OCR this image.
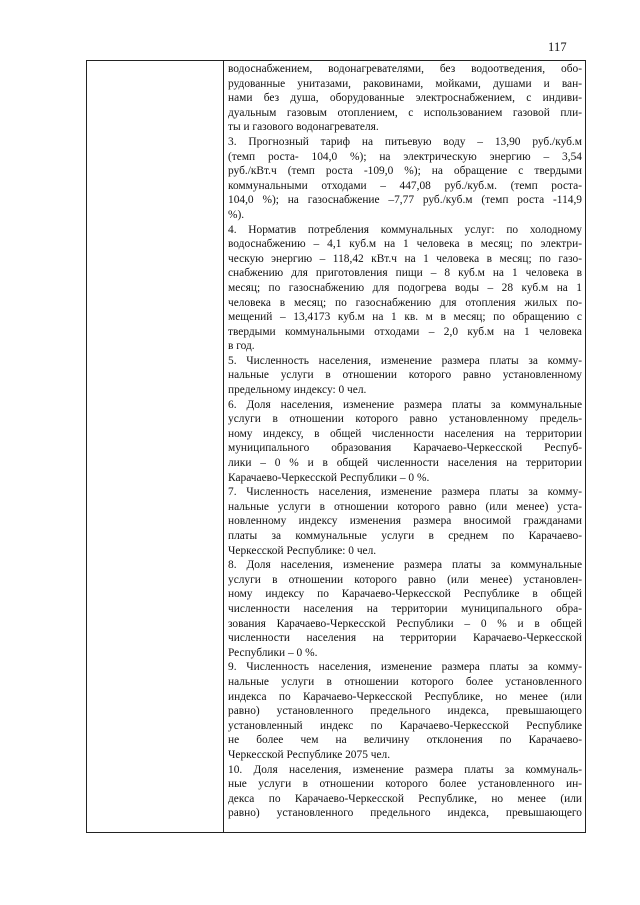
117
водоснабжением, водонагревателями, без водоотведения, обо-
рудованные унитазами, раковинами, мойками, душами и ван-
нами без душа, оборудованные электроснабжением, с индиви-
дуальным газовым отоплением, с использованием газовой пли-
ты и газового водонагревателя.
3. Прогнозный тариф на питьевую воду – 13,90 руб./куб.м
(темп роста- 104,0 %); на электрическую энергию – 3,54
руб./кВт.ч (темп роста -109,0 %); на обращение с твердыми
коммунальными отходами – 447,08 руб./куб.м. (темп роста-
104,0 %); на газоснабжение –7,77 руб./куб.м (темп роста -114,9
%).
4. Норматив потребления коммунальных услуг: по холодному
водоснабжению – 4,1 куб.м на 1 человека в месяц; по электри-
ческую энергию – 118,42 кВт.ч на 1 человека в месяц; по газо-
снабжению для приготовления пищи – 8 куб.м на 1 человека в
месяц; по газоснабжению для подогрева воды – 28 куб.м на 1
человека в месяц; по газоснабжению для отопления жилых по-
мещений – 13,4173 куб.м на 1 кв. м в месяц; по обращению с
твердыми коммунальными отходами – 2,0 куб.м на 1 человека
в год.
5. Численность населения, изменение размера платы за комму-
нальные услуги в отношении которого равно установленному
предельному индексу: 0 чел.
6. Доля населения, изменение размера платы за коммунальные
услуги в отношении которого равно установленному предель-
ному индексу, в общей численности населения на территории
муниципального образования Карачаево-Черкесской Респуб-
лики – 0 % и в общей численности населения на территории
Карачаево-Черкесской Республики – 0 %.
7. Численность населения, изменение размера платы за комму-
нальные услуги в отношении которого равно (или менее) уста-
новленному индексу изменения размера вносимой гражданами
платы за коммунальные услуги в среднем по Карачаево-
Черкесской Республике: 0 чел.
8. Доля населения, изменение размера платы за коммунальные
услуги в отношении которого равно (или менее) установлен-
ному индексу по Карачаево-Черкесской Республике в общей
численности населения на территории муниципального обра-
зования Карачаево-Черкесской Республики – 0 % и в общей
численности населения на территории Карачаево-Черкесской
Республики – 0 %.
9. Численность населения, изменение размера платы за комму-
нальные услуги в отношении которого более установленного
индекса по Карачаево-Черкесской Республике, но менее (или
равно) установленного предельного индекса, превышающего
установленный индекс по Карачаево-Черкесской Республике
не более чем на величину отклонения по Карачаево-
Черкесской Республике 2075 чел.
10. Доля населения, изменение размера платы за коммуналь-
ные услуги в отношении которого более установленного ин-
декса по Карачаево-Черкесской Республике, но менее (или
равно) установленного предельного индекса, превышающего
